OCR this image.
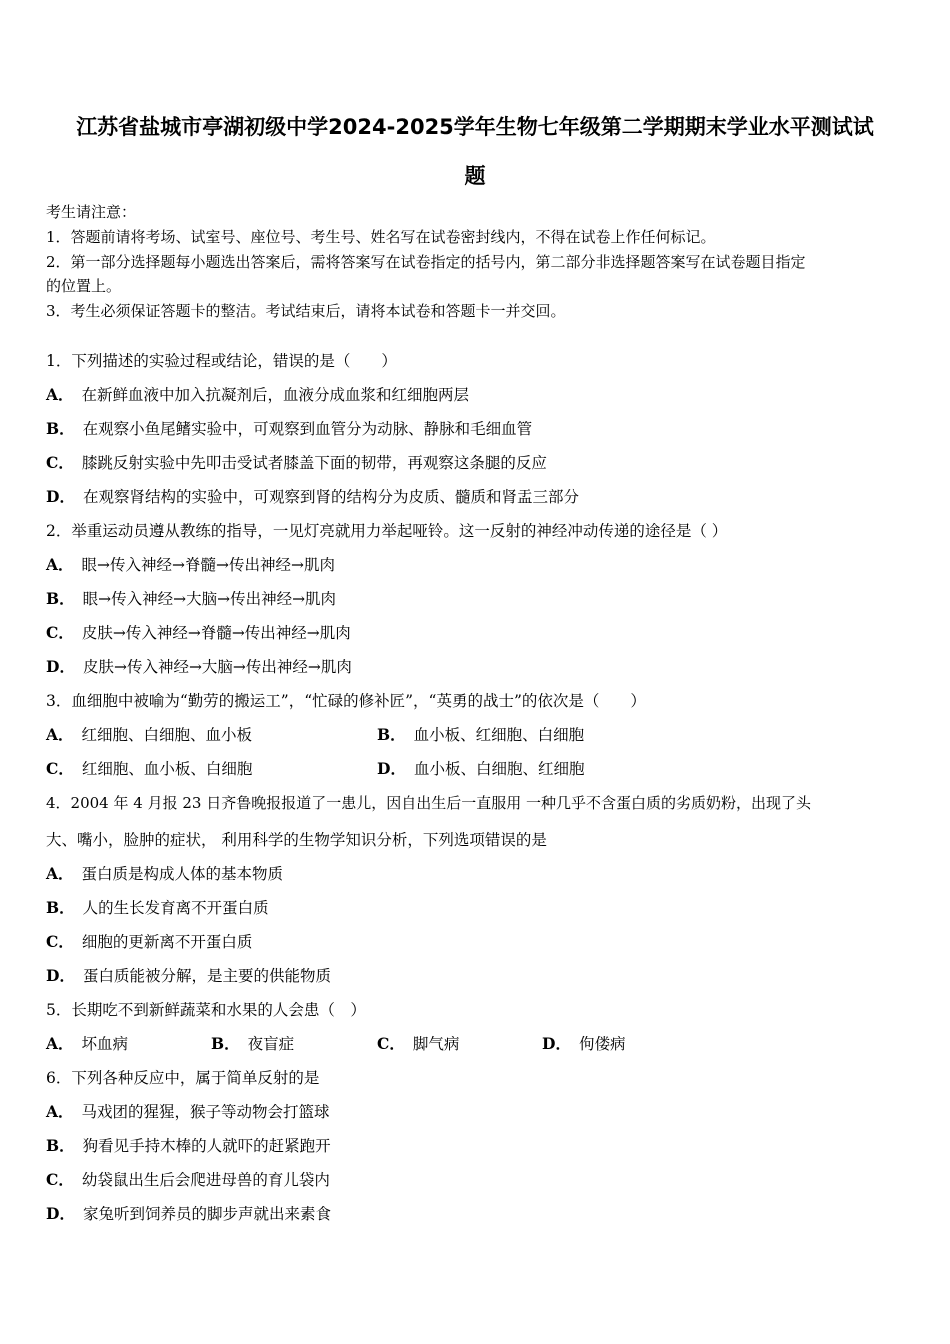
江苏省盐城市亭湖初级中学2024-2025学年生物七年级第二学期期末学业水平测试试
题
考生请注意：
1．答题前请将考场、试室号、座位号、考生号、姓名写在试卷密封线内，不得在试卷上作任何标记。
2．第一部分选择题每小题选出答案后，需将答案写在试卷指定的括号内，第二部分非选择题答案写在试卷题目指定
的位置上。
3．考生必须保证答题卡的整洁。考试结束后，请将本试卷和答题卡一并交回。
1．下列描述的实验过程或结论，错误的是（　　）
A． 在新鲜血液中加入抗凝剂后，血液分成血浆和红细胞两层
B． 在观察小鱼尾鳍实验中，可观察到血管分为动脉、静脉和毛细血管
C． 膝跳反射实验中先叩击受试者膝盖下面的韧带，再观察这条腿的反应
D． 在观察肾结构的实验中，可观察到肾的结构分为皮质、髓质和肾盂三部分
2．举重运动员遵从教练的指导，一见灯亮就用力举起哑铃。这一反射的神经冲动传递的途径是（ ）
A． 眼→传入神经→脊髓→传出神经→肌肉
B． 眼→传入神经→大脑→传出神经→肌肉
C． 皮肤→传入神经→脊髓→传出神经→肌肉
D． 皮肤→传入神经→大脑→传出神经→肌肉
3．血细胞中被喻为“勤劳的搬运工”，“忙碌的修补匠”，“英勇的战士”的依次是（　　）
A． 红细胞、白细胞、血小板	B． 血小板、红细胞、白细胞
C． 红细胞、血小板、白细胞	D． 血小板、白细胞、红细胞
4．2004 年 4 月报 23 日齐鲁晚报报道了一患儿，因自出生后一直服用 一种几乎不含蛋白质的劣质奶粉，出现了头
大、嘴小，脸肿的症状， 利用科学的生物学知识分析，下列选项错误的是
A． 蛋白质是构成人体的基本物质
B． 人的生长发育离不开蛋白质
C． 细胞的更新离不开蛋白质
D． 蛋白质能被分解，是主要的供能物质
5．长期吃不到新鲜蔬菜和水果的人会患（　）
A． 坏血病	B． 夜盲症	C． 脚气病	D． 佝偻病
6．下列各种反应中，属于简单反射的是
A． 马戏团的猩猩，猴子等动物会打篮球
B． 狗看见手持木棒的人就吓的赶紧跑开
C． 幼袋鼠出生后会爬进母兽的育儿袋内
D． 家兔听到饲养员的脚步声就出来素食
